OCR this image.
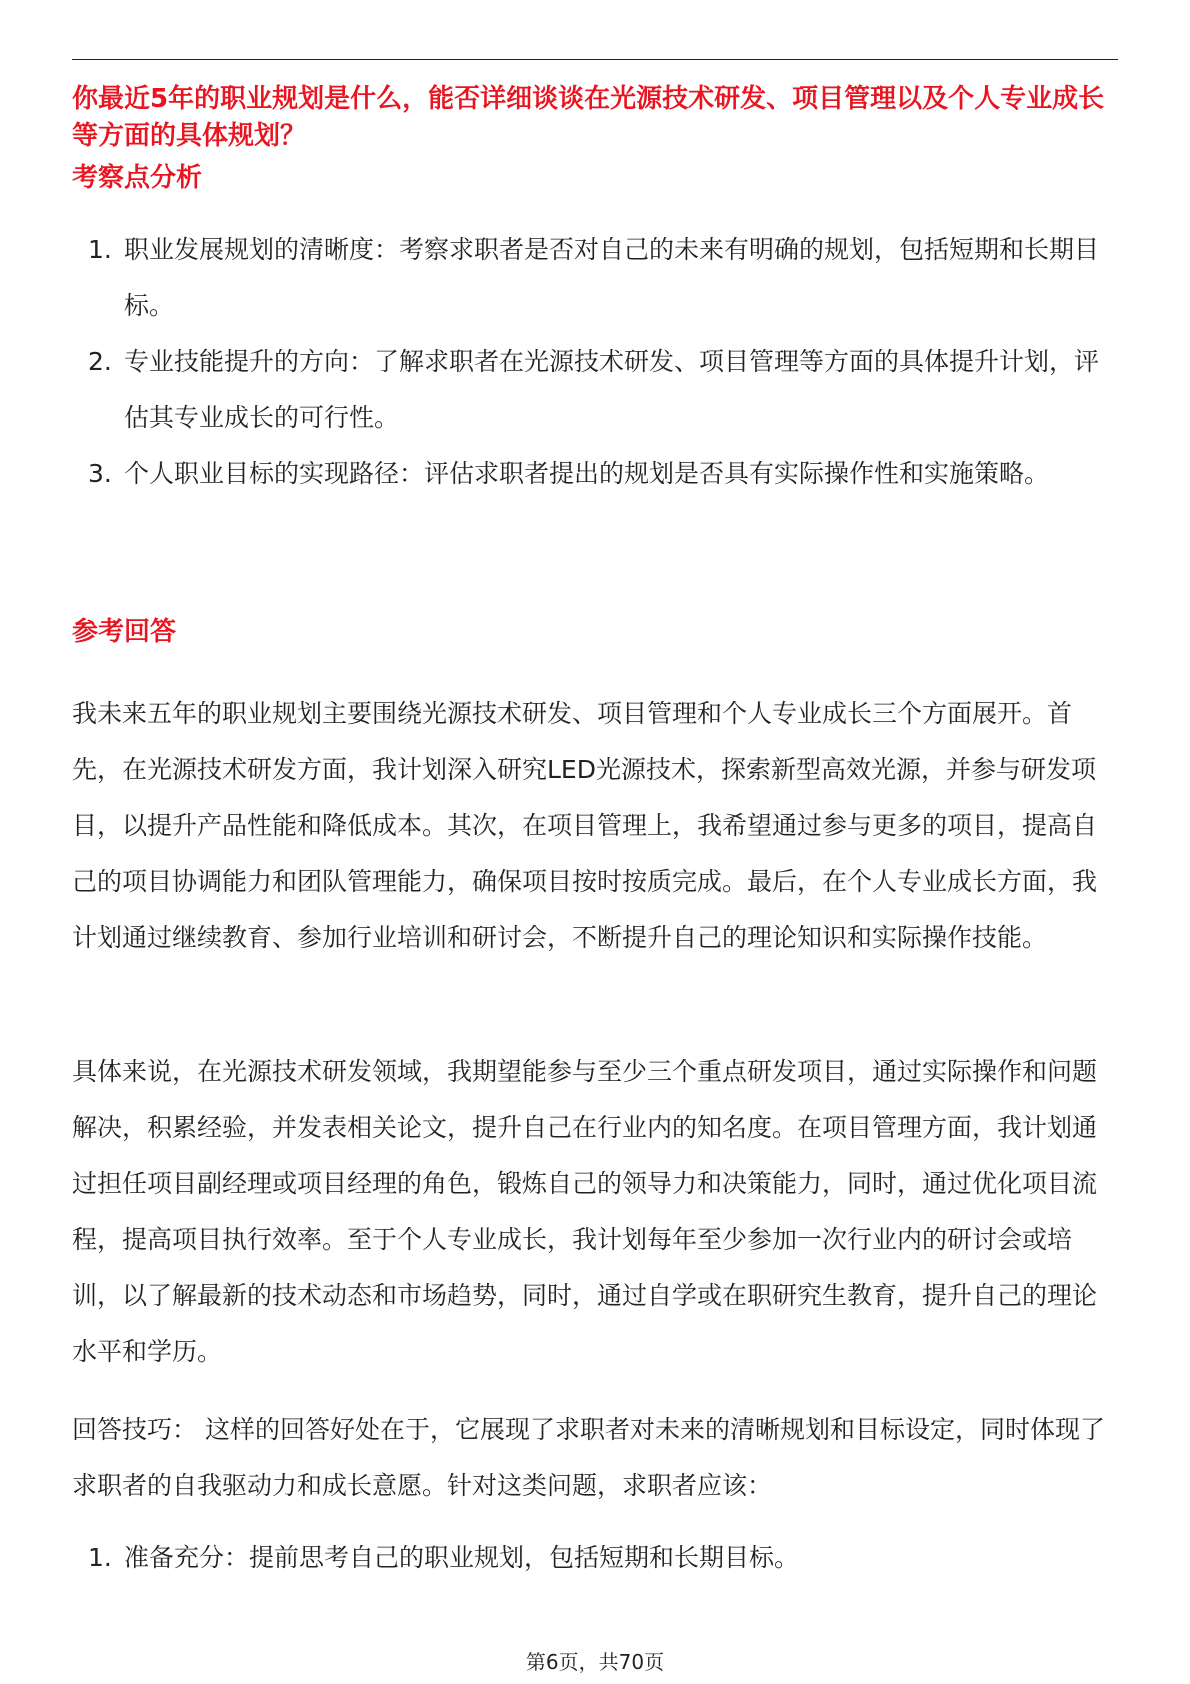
你最近5年的职业规划是什么，能否详细谈谈在光源技术研发、项目管理以及个人专业成长等方面的具体规划？
考察点分析
1. 职业发展规划的清晰度：考察求职者是否对自己的未来有明确的规划，包括短期和长期目标。
2. 专业技能提升的方向：了解求职者在光源技术研发、项目管理等方面的具体提升计划，评估其专业成长的可行性。
3. 个人职业目标的实现路径：评估求职者提出的规划是否具有实际操作性和实施策略。
参考回答

我未来五年的职业规划主要围绕光源技术研发、项目管理和个人专业成长三个方面展开。首先，在光源技术研发方面，我计划深入研究LED光源技术，探索新型高效光源，并参与研发项目，以提升产品性能和降低成本。其次，在项目管理上，我希望通过参与更多的项目，提高自己的项目协调能力和团队管理能力，确保项目按时按质完成。最后，在个人专业成长方面，我计划通过继续教育、参加行业培训和研讨会，不断提升自己的理论知识和实际操作技能。

具体来说，在光源技术研发领域，我期望能参与至少三个重点研发项目，通过实际操作和问题解决，积累经验，并发表相关论文，提升自己在行业内的知名度。在项目管理方面，我计划通过担任项目副经理或项目经理的角色，锻炼自己的领导力和决策能力，同时，通过优化项目流程，提高项目执行效率。至于个人专业成长，我计划每年至少参加一次行业内的研讨会或培训，以了解最新的技术动态和市场趋势，同时，通过自学或在职研究生教育，提升自己的理论水平和学历。

回答技巧： 这样的回答好处在于，它展现了求职者对未来的清晰规划和目标设定，同时体现了求职者的自我驱动力和成长意愿。针对这类问题，求职者应该：

1. 准备充分：提前思考自己的职业规划，包括短期和长期目标。
第6页，共70页
